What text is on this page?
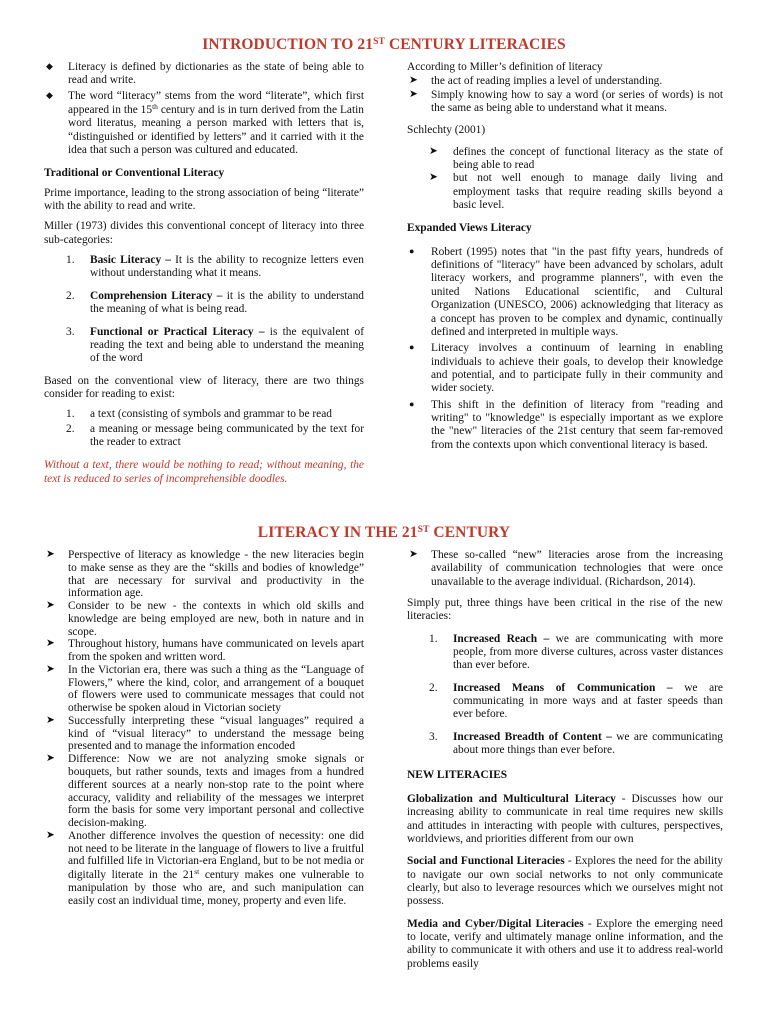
INTRODUCTION TO 21ST CENTURY LITERACIES
◆ Literacy is defined by dictionaries as the state of being able to read and write.
◆ The word “literacy” stems from the word “literate”, which first appeared in the 15th century and is in turn derived from the Latin word literatus, meaning a person marked with letters that is, “distinguished or identified by letters” and it carried with it the idea that such a person was cultured and educated.
Traditional or Conventional Literacy

Prime importance, leading to the strong association of being “literate” with the ability to read and write.

Miller (1973) divides this conventional concept of literacy into three sub-categories:

1. Basic Literacy – It is the ability to recognize letters even without understanding what it means.
2. Comprehension Literacy – it is the ability to understand the meaning of what is being read.
3. Functional or Practical Literacy – is the equivalent of reading the text and being able to understand the meaning of the word

Based on the conventional view of literacy, there are two things consider for reading to exist:

1. a text (consisting of symbols and grammar to be read
2. a meaning or message being communicated by the text for the reader to extract

Without a text, there would be nothing to read; without meaning, the text is reduced to series of incomprehensible doodles.

According to Miller’s definition of literacy

➤ the act of reading implies a level of understanding.
➤ Simply knowing how to say a word (or series of words) is not the same as being able to understand what it means.

Schlechty (2001)

➤ defines the concept of functional literacy as the state of being able to read
➤ but not well enough to manage daily living and employment tasks that require reading skills beyond a basic level.
Expanded Views Literacy
● Robert (1995) notes that "in the past fifty years, hundreds of definitions of "literacy" have been advanced by scholars, adult literacy workers, and programme planners", with even the united Nations Educational scientific, and Cultural Organization (UNESCO, 2006) acknowledging that literacy as a concept has proven to be complex and dynamic, continually defined and interpreted in multiple ways.
● Literacy involves a continuum of learning in enabling individuals to achieve their goals, to develop their knowledge and potential, and to participate fully in their community and wider society.
● This shift in the definition of literacy from "reading and writing" to "knowledge" is especially important as we explore the "new" literacies of the 21st century that seem far-removed from the contexts upon which conventional literacy is based.
LITERACY IN THE 21ST CENTURY
➤ Perspective of literacy as knowledge - the new literacies begin to make sense as they are the “skills and bodies of knowledge” that are necessary for survival and productivity in the information age.
➤ Consider to be new - the contexts in which old skills and knowledge are being employed are new, both in nature and in scope.
➤ Throughout history, humans have communicated on levels apart from the spoken and written word.
➤ In the Victorian era, there was such a thing as the “Language of Flowers,” where the kind, color, and arrangement of a bouquet of flowers were used to communicate messages that could not otherwise be spoken aloud in Victorian society
➤ Successfully interpreting these “visual languages” required a kind of “visual literacy” to understand the message being presented and to manage the information encoded
➤ Difference: Now we are not analyzing smoke signals or bouquets, but rather sounds, texts and images from a hundred different sources at a nearly non-stop rate to the point where accuracy, validity and reliability of the messages we interpret form the basis for some very important personal and collective decision-making.
➤ Another difference involves the question of necessity: one did not need to be literate in the language of flowers to live a fruitful and fulfilled life in Victorian-era England, but to be not media or digitally literate in the 21st century makes one vulnerable to manipulation by those who are, and such manipulation can easily cost an individual time, money, property and even life.
➤ These so-called “new” literacies arose from the increasing availability of communication technologies that were once unavailable to the average individual. (Richardson, 2014).

Simply put, three things have been critical in the rise of the new literacies:

1. Increased Reach – we are communicating with more people, from more diverse cultures, across vaster distances than ever before.
2. Increased Means of Communication – we are communicating in more ways and at faster speeds than ever before.
3. Increased Breadth of Content – we are communicating about more things than ever before.
NEW LITERACIES

Globalization and Multicultural Literacy - Discusses how our increasing ability to communicate in real time requires new skills and attitudes in interacting with people with cultures, perspectives, worldviews, and priorities different from our own

Social and Functional Literacies - Explores the need for the ability to navigate our own social networks to not only communicate clearly, but also to leverage resources which we ourselves might not possess.

Media and Cyber/Digital Literacies - Explore the emerging need to locate, verify and ultimately manage online information, and the ability to communicate it with others and use it to address real-world problems easily
